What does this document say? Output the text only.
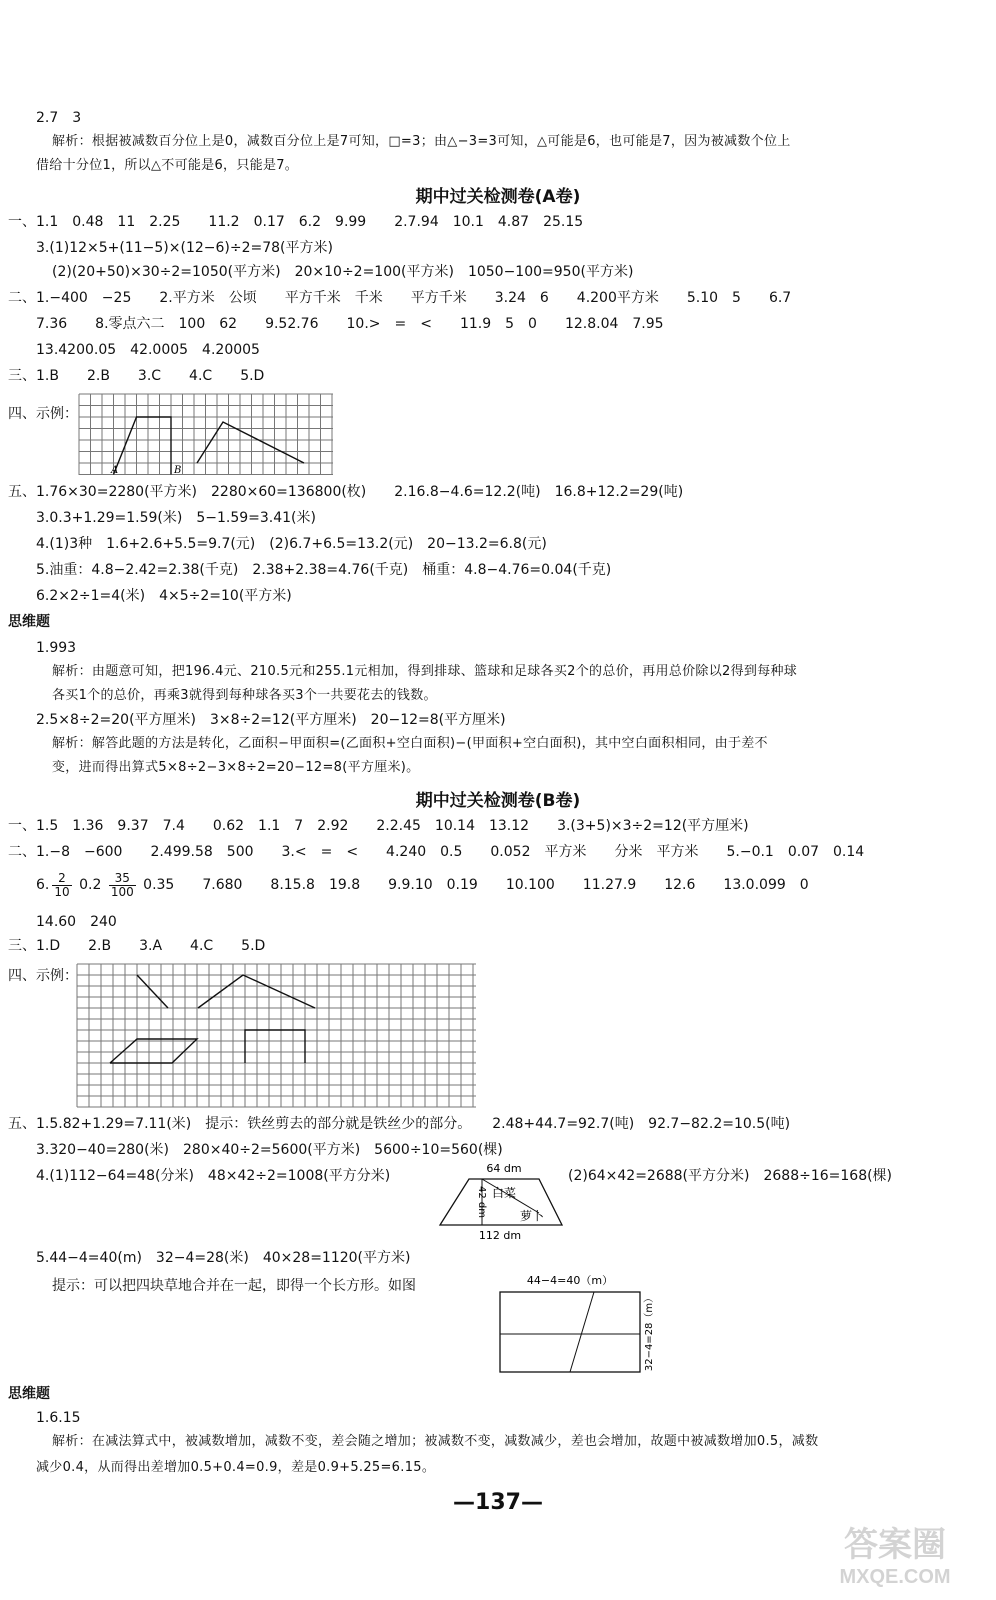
2.7　3
解析：根据被减数百分位上是0，减数百分位上是7可知，□=3；由△−3=3可知，△可能是6，也可能是7，因为被减数个位上
借给十分位1，所以△不可能是6，只能是7。
期中过关检测卷(A卷)
一、1.1　0.48　11　2.25　　11.2　0.17　6.2　9.99　　2.7.94　10.1　4.87　25.15
3.(1)12×5+(11−5)×(12−6)÷2=78(平方米)
(2)(20+50)×30÷2=1050(平方米)　20×10÷2=100(平方米)　1050−100=950(平方米)
二、1.−400　−25　　2.平方米　公顷　　平方千米　千米　　平方千米　　3.24　6　　4.200平方米　　5.10　5　　6.7
7.36　　8.零点六二　100　62　　9.52.76　　10.>　=　<　　11.9　5　0　　12.8.04　7.95
13.4200.05　42.0005　4.20005
三、1.B　　2.B　　3.C　　4.C　　5.D
四、示例：
A	B
五、1.76×30=2280(平方米)　2280×60=136800(枚)　　2.16.8−4.6=12.2(吨)　16.8+12.2=29(吨)
3.0.3+1.29=1.59(米)　5−1.59=3.41(米)
4.(1)3种　1.6+2.6+5.5=9.7(元)　(2)6.7+6.5=13.2(元)　20−13.2=6.8(元)
5.油重：4.8−2.42=2.38(千克)　2.38+2.38=4.76(千克)　桶重：4.8−4.76=0.04(千克)
6.2×2÷1=4(米)　4×5÷2=10(平方米)
思维题
1.993
解析：由题意可知，把196.4元、210.5元和255.1元相加，得到排球、篮球和足球各买2个的总价，再用总价除以2得到每种球
各买1个的总价，再乘3就得到每种球各买3个一共要花去的钱数。
2.5×8÷2=20(平方厘米)　3×8÷2=12(平方厘米)　20−12=8(平方厘米)
解析：解答此题的方法是转化，乙面积−甲面积=(乙面积+空白面积)−(甲面积+空白面积)，其中空白面积相同，由于差不
变，进而得出算式5×8÷2−3×8÷2=20−12=8(平方厘米)。
期中过关检测卷(B卷)
一、1.5　1.36　9.37　7.4　　0.62　1.1　7　2.92　　2.2.45　10.14　13.12　　3.(3+5)×3÷2=12(平方厘米)
二、1.−8　−600　　2.499.58　500　　3.<　=　<　　4.240　0.5　　0.052　平方米　　分米　平方米　　5.−0.1　0.07　0.14
6. $\frac{2}{10} 0.2 \frac{35}{100} 0.35$　　7.680　　8.15.8　19.8　　9.9.10　0.19　　10.100　　11.27.9　　12.6　　13.0.099　0
14.60　240
三、1.D　　2.B　　3.A　　4.C　　5.D
四、示例：
五、1.5.82+1.29=7.11(米)　提示：铁丝剪去的部分就是铁丝少的部分。　　2.48+44.7=92.7(吨)　92.7−82.2=10.5(吨)
3.320−40=280(米)　280×40÷2=5600(平方米)　5600÷10=560(棵)
4.(1)112−64=48(分米)　48×42÷2=1008(平方分米)	(2)64×42=2688(平方分米)　2688÷16=168(棵)
64 dm
42 dm 白菜
萝卜
112 dm
5.44−4=40(m)　32−4=28(米)　40×28=1120(平方米)
提示：可以把四块草地合并在一起，即得一个长方形。如图	44−4=40（m）
32−4=28（m）
思维题
1.6.15
解析：在减法算式中，被减数增加，减数不变，差会随之增加；被减数不变，减数减少，差也会增加，故题中被减数增加0.5，减数
减少0.4，从而得出差增加0.5+0.4=0.9，差是0.9+5.25=6.15。
—137—
答案圈
MXQE.COM
